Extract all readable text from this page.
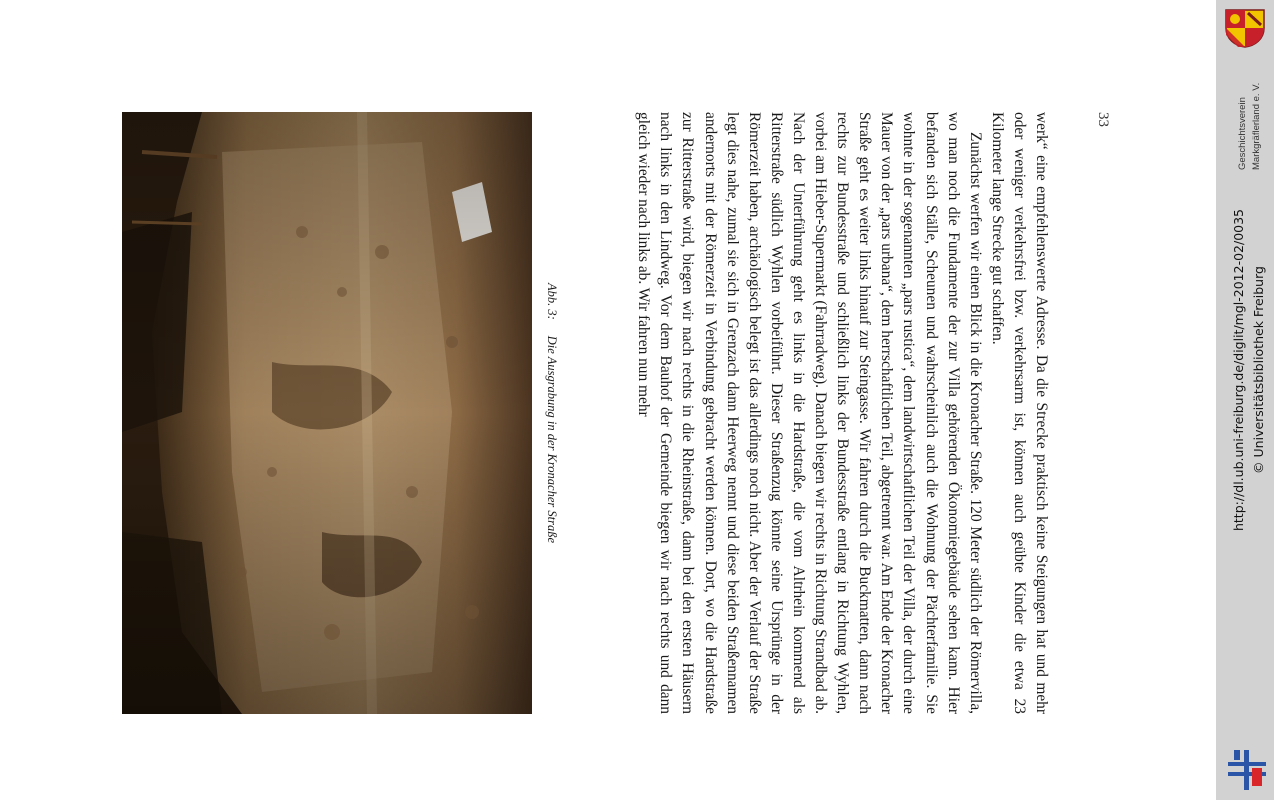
Abb. 3:Die Ausgrabung in der Kronacher Straße	werk“ eine empfehlenswerte Adresse. Da die Strecke praktisch keine Steigungen hat und mehr oder weniger verkehrsfrei bzw. verkehrsarm ist, können auch geübte Kinder die etwa 23 Kilometer lange Strecke gut schaffen.

Zunächst werfen wir einen Blick in die Kronacher Straße. 120 Meter südlich der Römervilla, wo man noch die Fundamente der zur Villa gehörenden Ökonomiegebäude sehen kann. Hier befanden sich Ställe, Scheunen und wahrscheinlich auch die Wohnung der Pächterfamilie. Sie wohnte in der sogenannten „pars rustica“, dem landwirtschaftlichen Teil der Villa, der durch eine Mauer von der „pars urbana“, dem herrschaftlichen Teil, abgetrennt war. Am Ende der Kronacher Straße geht es weiter links hinauf zur Steingasse. Wir fahren durch die Buckmatten, dann nach rechts zur Bundesstraße und schließlich links der Bundesstraße entlang in Richtung Wyhlen, vorbei am Hieber-Supermarkt (Fahrradweg). Danach biegen wir rechts in Richtung Strandbad ab. Nach der Unterführung geht es links in die Hardstraße, die vom Altrhein kommend als Ritterstraße südlich Wyhlen vorbeiführt. Dieser Straßenzug könnte seine Ursprünge in der Römerzeit haben, archäologisch belegt ist das allerdings noch nicht. Aber der Verlauf der Straße legt dies nahe, zumal sie sich in Grenzach dann Heerweg nennt und diese beiden Straßennamen andernorts mit der Römerzeit in Verbindung gebracht werden können. Dort, wo die Hardstraße zur Ritterstraße wird, biegen wir nach rechts in die Rheinstraße, dann bei den ersten Häusern nach links in den Lindweg. Vor dem Bauhof der Gemeinde biegen wir nach rechts und dann gleich wieder nach links ab. Wir fahren nun mehr	33	Geschichtsverein Markgräflerland e. V.
http://dl.ub.uni-freiburg.de/diglit/mgl-2012-02/0035 © Universitätsbibliothek Freiburg
